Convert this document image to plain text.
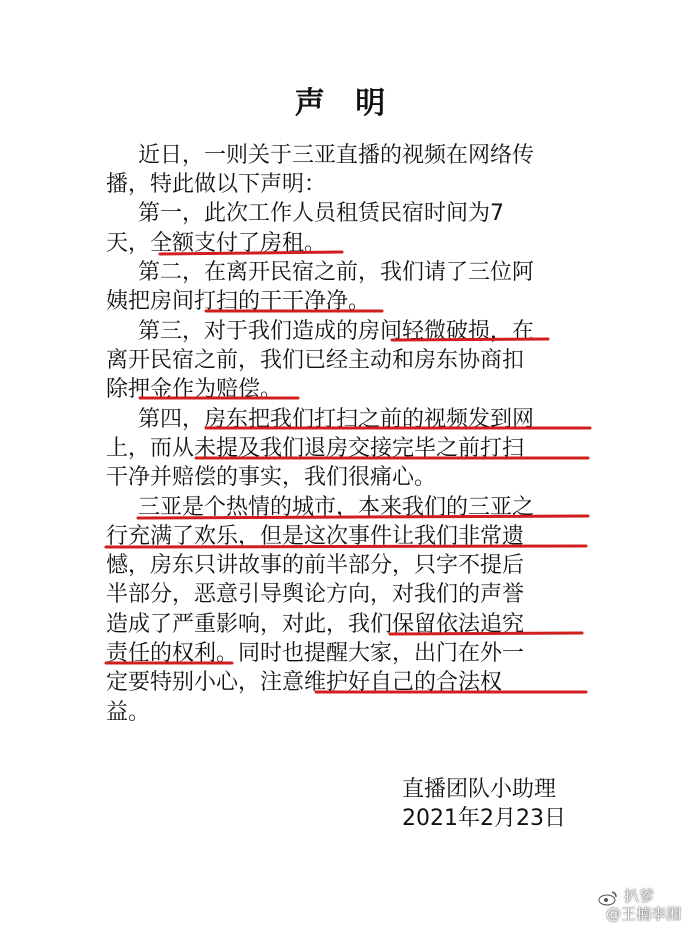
声 明
近日，一则关于三亚直播的视频在网络传
播，特此做以下声明：
第一，此次工作人员租赁民宿时间为7
天，全额支付了房租。
第二，在离开民宿之前，我们请了三位阿
姨把房间打扫的干干净净。
第三，对于我们造成的房间轻微破损，在
离开民宿之前，我们已经主动和房东协商扣
除押金作为赔偿。
第四，房东把我们打扫之前的视频发到网
上，而从未提及我们退房交接完毕之前打扫
干净并赔偿的事实，我们很痛心。
三亚是个热情的城市，本来我们的三亚之
行充满了欢乐，但是这次事件让我们非常遗
憾，房东只讲故事的前半部分，只字不提后
半部分，恶意引导舆论方向，对我们的声誉
造成了严重影响，对此，我们保留依法追究
责任的权利。同时也提醒大家，出门在外一
定要特别小心，注意维护好自己的合法权
益。
直播团队小助理
2021年2月23日
扒爹
@王楠李湘
